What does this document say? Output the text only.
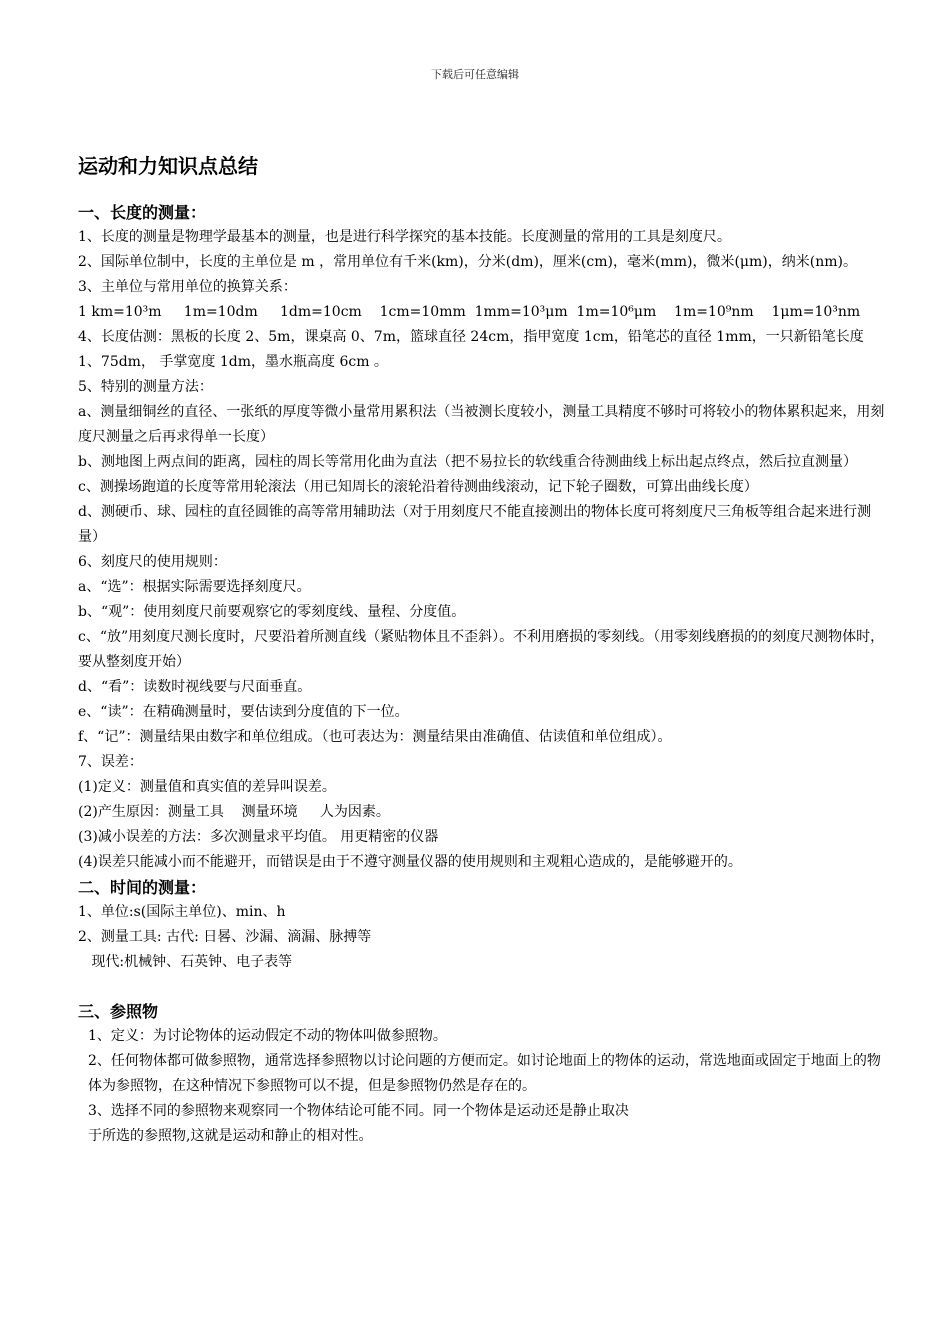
下载后可任意编辑
运动和力知识点总结
一、长度的测量：
1、长度的测量是物理学最基本的测量，也是进行科学探究的基本技能。长度测量的常用的工具是刻度尺。
2、国际单位制中，长度的主单位是 m ，常用单位有千米(km)，分米(dm)，厘米(cm)，毫米(mm)，微米(μm)，纳米(nm)。
3、主单位与常用单位的换算关系：
1 km=10³m     1m=10dm     1dm=10cm    1cm=10mm  1mm=10³μm  1m=10⁶μm    1m=10⁹nm    1μm=10³nm
4、长度估测：黑板的长度 2、5m，课桌高 0、7m，篮球直径 24cm，指甲宽度 1cm，铅笔芯的直径 1mm，一只新铅笔长度 1、75dm， 手掌宽度 1dm，墨水瓶高度 6cm 。
5、特别的测量方法：
a、测量细铜丝的直径、一张纸的厚度等微小量常用累积法（当被测长度较小，测量工具精度不够时可将较小的物体累积起来，用刻度尺测量之后再求得单一长度）
b、测地图上两点间的距离，园柱的周长等常用化曲为直法（把不易拉长的软线重合待测曲线上标出起点终点，然后拉直测量）
c、测操场跑道的长度等常用轮滚法（用已知周长的滚轮沿着待测曲线滚动，记下轮子圈数，可算出曲线长度）
d、测硬币、球、园柱的直径圆锥的高等常用辅助法（对于用刻度尺不能直接测出的物体长度可将刻度尺三角板等组合起来进行测量）
6、刻度尺的使用规则：
a、“选”：根据实际需要选择刻度尺。
b、“观”：使用刻度尺前要观察它的零刻度线、量程、分度值。
c、“放”用刻度尺测长度时，尺要沿着所测直线（紧贴物体且不歪斜）。不利用磨损的零刻线。（用零刻线磨损的的刻度尺测物体时，要从整刻度开始）
d、“看”：读数时视线要与尺面垂直。
e、“读”：在精确测量时，要估读到分度值的下一位。
f、“记”：测量结果由数字和单位组成。（也可表达为：测量结果由准确值、估读值和单位组成）。
7、误差：
(1)定义：测量值和真实值的差异叫误差。
(2)产生原因：测量工具    测量环境     人为因素。
(3)减小误差的方法：多次测量求平均值。 用更精密的仪器
(4)误差只能减小而不能避开，而错误是由于不遵守测量仪器的使用规则和主观粗心造成的，是能够避开的。
二、时间的测量：
1、单位:s(国际主单位)、min、h
2、测量工具: 古代: 日晷、沙漏、滴漏、脉搏等
现代:机械钟、石英钟、电子表等
三、参照物
1、定义：为讨论物体的运动假定不动的物体叫做参照物。
2、任何物体都可做参照物，通常选择参照物以讨论问题的方便而定。如讨论地面上的物体的运动，常选地面或固定于地面上的物体为参照物，在这种情况下参照物可以不提，但是参照物仍然是存在的。
3、选择不同的参照物来观察同一个物体结论可能不同。同一个物体是运动还是静止取决
于所选的参照物,这就是运动和静止的相对性。
